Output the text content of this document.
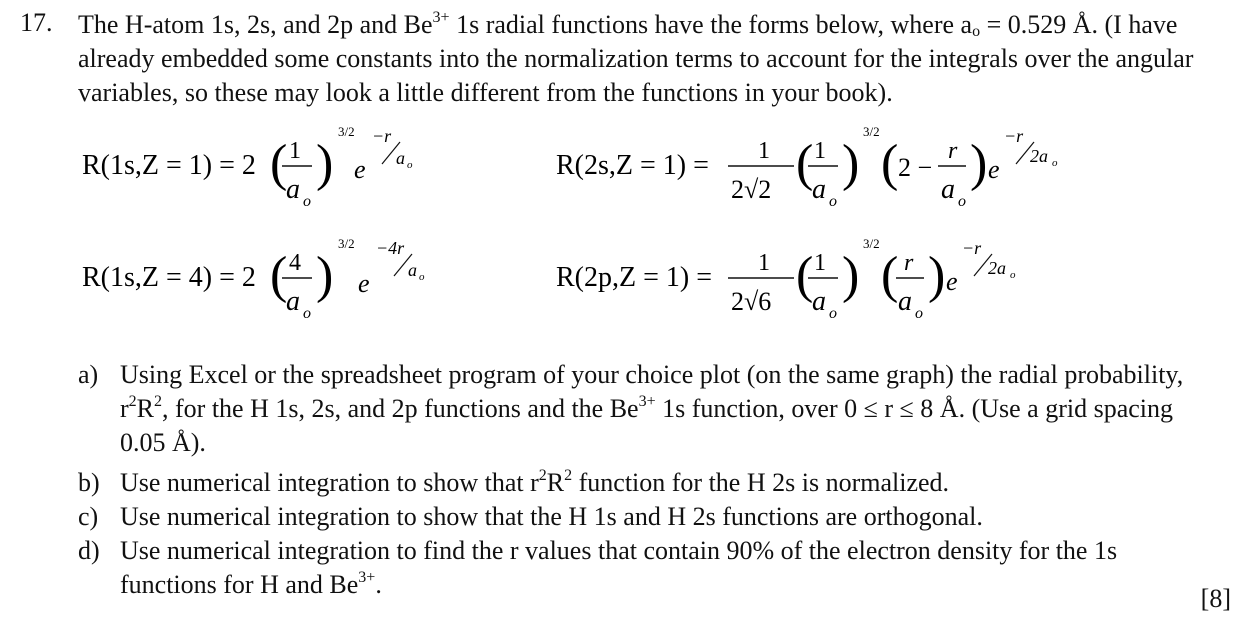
17. The H-atom 1s, 2s, and 2p and $Be^{3+}$ 1s radial functions have the forms below, where $a_o = 0.529$ Å. (I have already embedded some constants into the normalization terms to account for the integrals over the angular variables, so these may look a little different from the functions in your book).
R(1s,Z = 1) = 2 ( 1
a o
)
3/2
e
−r
a o	R(2s,Z = 1) = 1
2√2 ( 1
a o
)
3/2
( 2 −
r
a o
) e
−r
2a o
R(1s,Z = 4) = 2 ( 4
a o
)
3/2
e
−4r
a o	R(2p,Z = 1) = 1
2√6 ( 1
a o
)
3/2
( r
a o
) e
−r
2a o
a) Using Excel or the spreadsheet program of your choice plot (on the same graph) the radial probability, $r^2R^2$, for the H 1s, 2s, and 2p functions and the $Be^{3+}$ 1s function, over 0 ≤ r ≤ 8 Å. (Use a grid spacing 0.05 Å).
b) Use numerical integration to show that $r^2R^2$ function for the H 2s is normalized.
c) Use numerical integration to show that the H 1s and H 2s functions are orthogonal.
d) Use numerical integration to find the r values that contain 90% of the electron density for the 1s functions for H and $Be^{3+}$.	[8]
